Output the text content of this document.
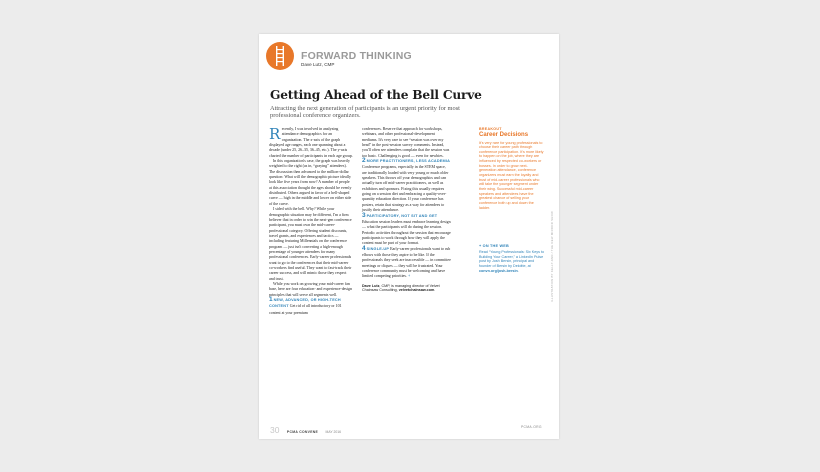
FORWARD THINKING
Dave Lutz, CMP
Getting Ahead of the Bell Curve
Attracting the next generation of participants is an urgent priority for most professional conference organizers.

Recently, I was involved in analyzing attendance demographics for an organization. The x-axis of the graph displayed age ranges, each one spanning about a decade (under 25, 26–35, 36–45, etc.). The y-axis charted the number of participants in each age group.

In this organization's case, the graph was heavily weighted to the right (as in, “graying” attendees). The discussion then advanced to the million-dollar question: What will the demographic picture ideally look like five years from now? A number of people at this association thought the ages should be evenly distributed. Others argued in favor of a bell-shaped curve — high in the middle and lower on either side of the curve.

I sided with the bell. Why? While your demographic situation may be different, I'm a firm believer that in order to win the next-gen conference participant, you must own the mid-career-professional category. Offering student discounts, travel grants, and experiences and tactics — including featuring Millennials on the conference program — just isn't converting a high-enough percentage of younger attendees for many professional conferences. Early-career professionals want to go to the conferences that their mid-career co-workers find useful. They want to fast-track their career success, and will mimic those they respect and trust.

While you work on growing your mid-career fan base, here are four education- and experience-design principles that will serve all segments well.

1 NEW, ADVANCED, OR HIGH-TECH CONTENT Get rid of all introductory or 101 content at your premium

conferences. Reserve that approach for workshops, webinars, and other professional-development mediums. It's very rare to see “session was over my head” in the post-session survey comments. Instead, you'll often see attendees complain that the session was too basic. Challenging is good — even for newbies.

2 MORE PRACTITIONERS, LESS ACADEMIA Conference programs, especially in the STEM space, are traditionally loaded with very young or much older speakers. This throws off your demographics and can actually turn off mid-career practitioners, as well as exhibitors and sponsors. Fixing this usually requires going on a session diet and embracing a quality-over-quantity education direction. If your conference has posters, retain that strategy as a way for attendees to justify their attendance.

3 PARTICIPATORY, NOT SIT AND GET Education session leaders must embrace learning design — what the participants will do during the session. Periodic activities throughout the session that encourage participants to work through how they will apply the content must be part of your format.

4 SINGLE-UP Early-career professionals want to rub elbows with those they aspire to be like. If the professionals they seek are inaccessible — in committee meetings or cliques — they will be frustrated. Your conference community must be welcoming and have limited competing priorities. +

Dave Lutz, CMP, is managing director of Velvet Chainsaw Consulting, velvetchainsaw.com.

BREAKOUT
Career Decisions
It's very rare for young professionals to choose their career path through conference participation. It's more likely to happen on the job, where they are influenced by respected co-workers or bosses. In order to grow next-generation attendance, conference organizers must earn the loyalty and trust of mid-career professionals who will take the younger segment under their wing. Successful mid-career speakers and attendees have the greatest chance of selling your conference both up and down the ladder.
+ ON THE WEB
Read “Young Professionals: Six Keys to Building Your Career,” a LinkedIn Pulse post by Josh Bersin, principal and founder of Bersin by Deloitte, at convn.org/josh-bersin.	ILLUSTRATION BY KELLY-ANN / THE NEW MIRROR SHOW
30 PCMA CONVENE MAY 2016
PCMA.ORG
